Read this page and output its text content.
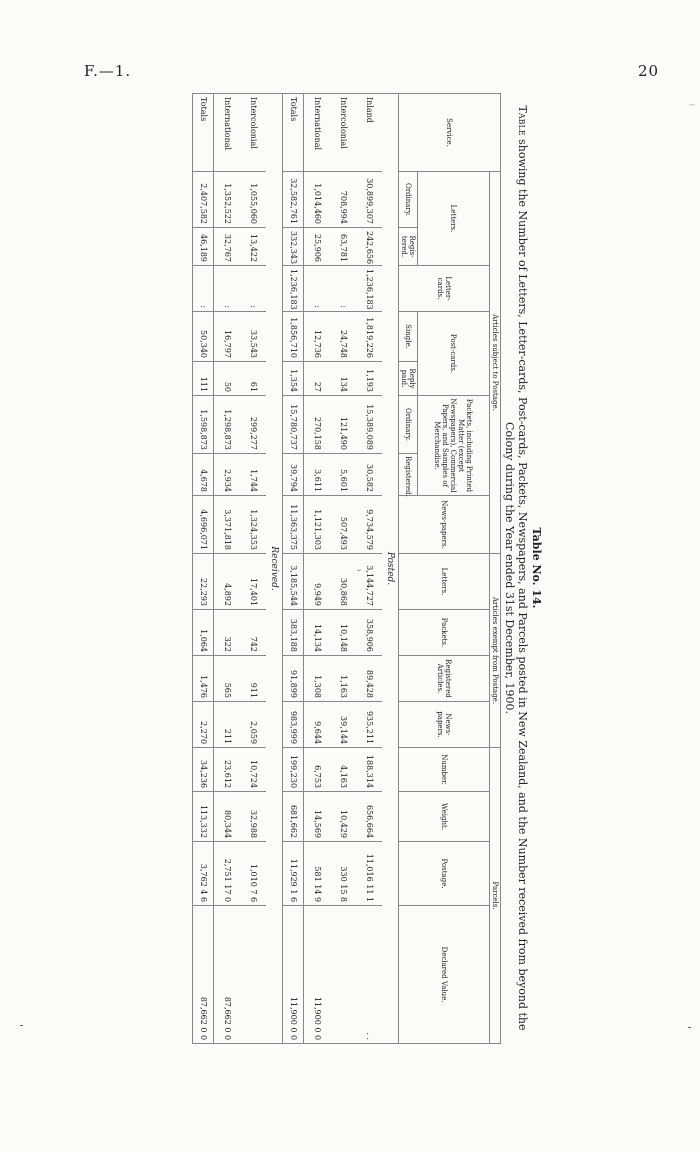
F.—1.	20
Table No. 14.
Table showing the Number of Letters, Letter-cards, Post-cards, Packets, Newspapers, and Parcels posted in New Zealand, and the Number received from beyond the Colony during the Year ended 31st December, 1900.
Service.	Articles subject to Postage.								Articles exempt from Postage.				Parcels.			
	Letters.		Letter-cards.	Post-cards.		Packets, including Printed Matter (except Newspapers), Commercial Papers, and Samples of Merchandise.		News-papers.	Letters.	Packets.	Registered Articles.	News-papers.	Number.	Weight.	Postage.	Declared Value.
	Ordinary.	Regis-tered.		Single.	Reply paid.	Ordinary.	Registered.									
Posted.																
Inland	30,899,307	242,656	1,236,183	1,819,226	1,193	15,389,089	30,582	9,734,579	3,144,727	358,906	89,428	935,211	188,314	656,664	11,016 11 1	. .
Intercolonial	708,994	63,781	:	24,748	134	121,490	5,601	507,493	30,868	10,148	1,163	39,144	4,163	10,429	330 15 8	
International	1,014,460	25,906	:	12,736	27	270,158	3,611	1,121,303	9,949	14,134	1,308	9,644	6,753	14,569	581 14 9	11,900 0 0
Totals	32,582,761	332,343	1,236,183	1,856,710	1,354	15,780,737	39,794	11,363,375	3,185,544	383,188	91,899	983,999	199,230	681,662	11,929 1 6	11,900 0 0
Received.																
Intercolonial	1,055,060	13,422	:	33,543	61	299,277	1,744	1,324,353	17,401	742	911	2,059	10,724	32,988	1,010 7 6	
International	1,352,522	32,767	:	16,797	50	1,298,873	2,934	3,371,818	4,892	322	565	211	23,612	80,344	2,751 17 0	87,662 0 0
Totals	2,407,582	46,189	:	50,340	111	1,598,873	4,678	4,696,071	22,293	1,064	1,476	2,270	34,236	113,332	3,762 4 6	87,662 0 0
~
˘
